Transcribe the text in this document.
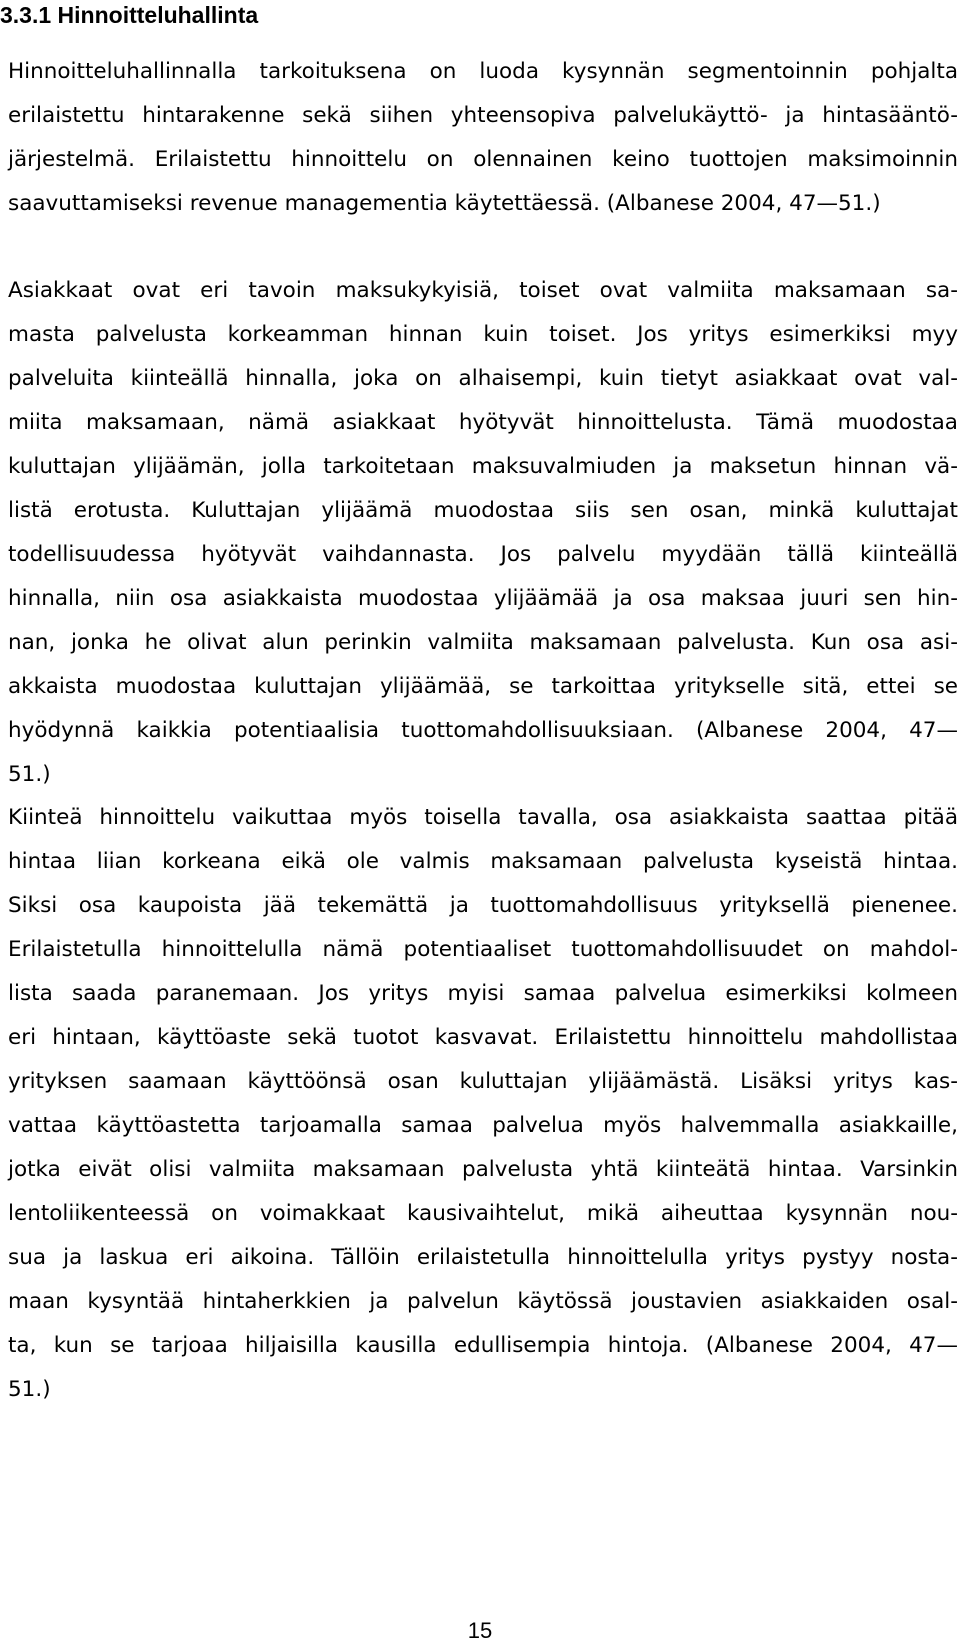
3.3.1 Hinnoitteluhallinta
Hinnoitteluhallinnalla tarkoituksena on luoda kysynnän segmentoinnin pohjalta
erilaistettu hintarakenne sekä siihen yhteensopiva palvelukäyttö- ja hintasääntö-
järjestelmä. Erilaistettu hinnoittelu on olennainen keino tuottojen maksimoinnin
saavuttamiseksi revenue managementia käytettäessä. (Albanese 2004, 47—51.)
Asiakkaat ovat eri tavoin maksukykyisiä, toiset ovat valmiita maksamaan sa-
masta palvelusta korkeamman hinnan kuin toiset. Jos yritys esimerkiksi myy
palveluita kiinteällä hinnalla, joka on alhaisempi, kuin tietyt asiakkaat ovat val-
miita maksamaan, nämä asiakkaat hyötyvät hinnoittelusta. Tämä muodostaa
kuluttajan ylijäämän, jolla tarkoitetaan maksuvalmiuden ja maksetun hinnan vä-
listä erotusta. Kuluttajan ylijäämä muodostaa siis sen osan, minkä kuluttajat
todellisuudessa hyötyvät vaihdannasta. Jos palvelu myydään tällä kiinteällä
hinnalla, niin osa asiakkaista muodostaa ylijäämää ja osa maksaa juuri sen hin-
nan, jonka he olivat alun perinkin valmiita maksamaan palvelusta. Kun osa asi-
akkaista muodostaa kuluttajan ylijäämää, se tarkoittaa yritykselle sitä, ettei se
hyödynnä kaikkia potentiaalisia tuottomahdollisuuksiaan. (Albanese 2004, 47—
51.)
Kiinteä hinnoittelu vaikuttaa myös toisella tavalla, osa asiakkaista saattaa pitää
hintaa liian korkeana eikä ole valmis maksamaan palvelusta kyseistä hintaa.
Siksi osa kaupoista jää tekemättä ja tuottomahdollisuus yrityksellä pienenee.
Erilaistetulla hinnoittelulla nämä potentiaaliset tuottomahdollisuudet on mahdol-
lista saada paranemaan. Jos yritys myisi samaa palvelua esimerkiksi kolmeen
eri hintaan, käyttöaste sekä tuotot kasvavat. Erilaistettu hinnoittelu mahdollistaa
yrityksen saamaan käyttöönsä osan kuluttajan ylijäämästä. Lisäksi yritys kas-
vattaa käyttöastetta tarjoamalla samaa palvelua myös halvemmalla asiakkaille,
jotka eivät olisi valmiita maksamaan palvelusta yhtä kiinteätä hintaa. Varsinkin
lentoliikenteessä on voimakkaat kausivaihtelut, mikä aiheuttaa kysynnän nou-
sua ja laskua eri aikoina. Tällöin erilaistetulla hinnoittelulla yritys pystyy nosta-
maan kysyntää hintaherkkien ja palvelun käytössä joustavien asiakkaiden osal-
ta, kun se tarjoaa hiljaisilla kausilla edullisempia hintoja. (Albanese 2004, 47—
51.)
15
